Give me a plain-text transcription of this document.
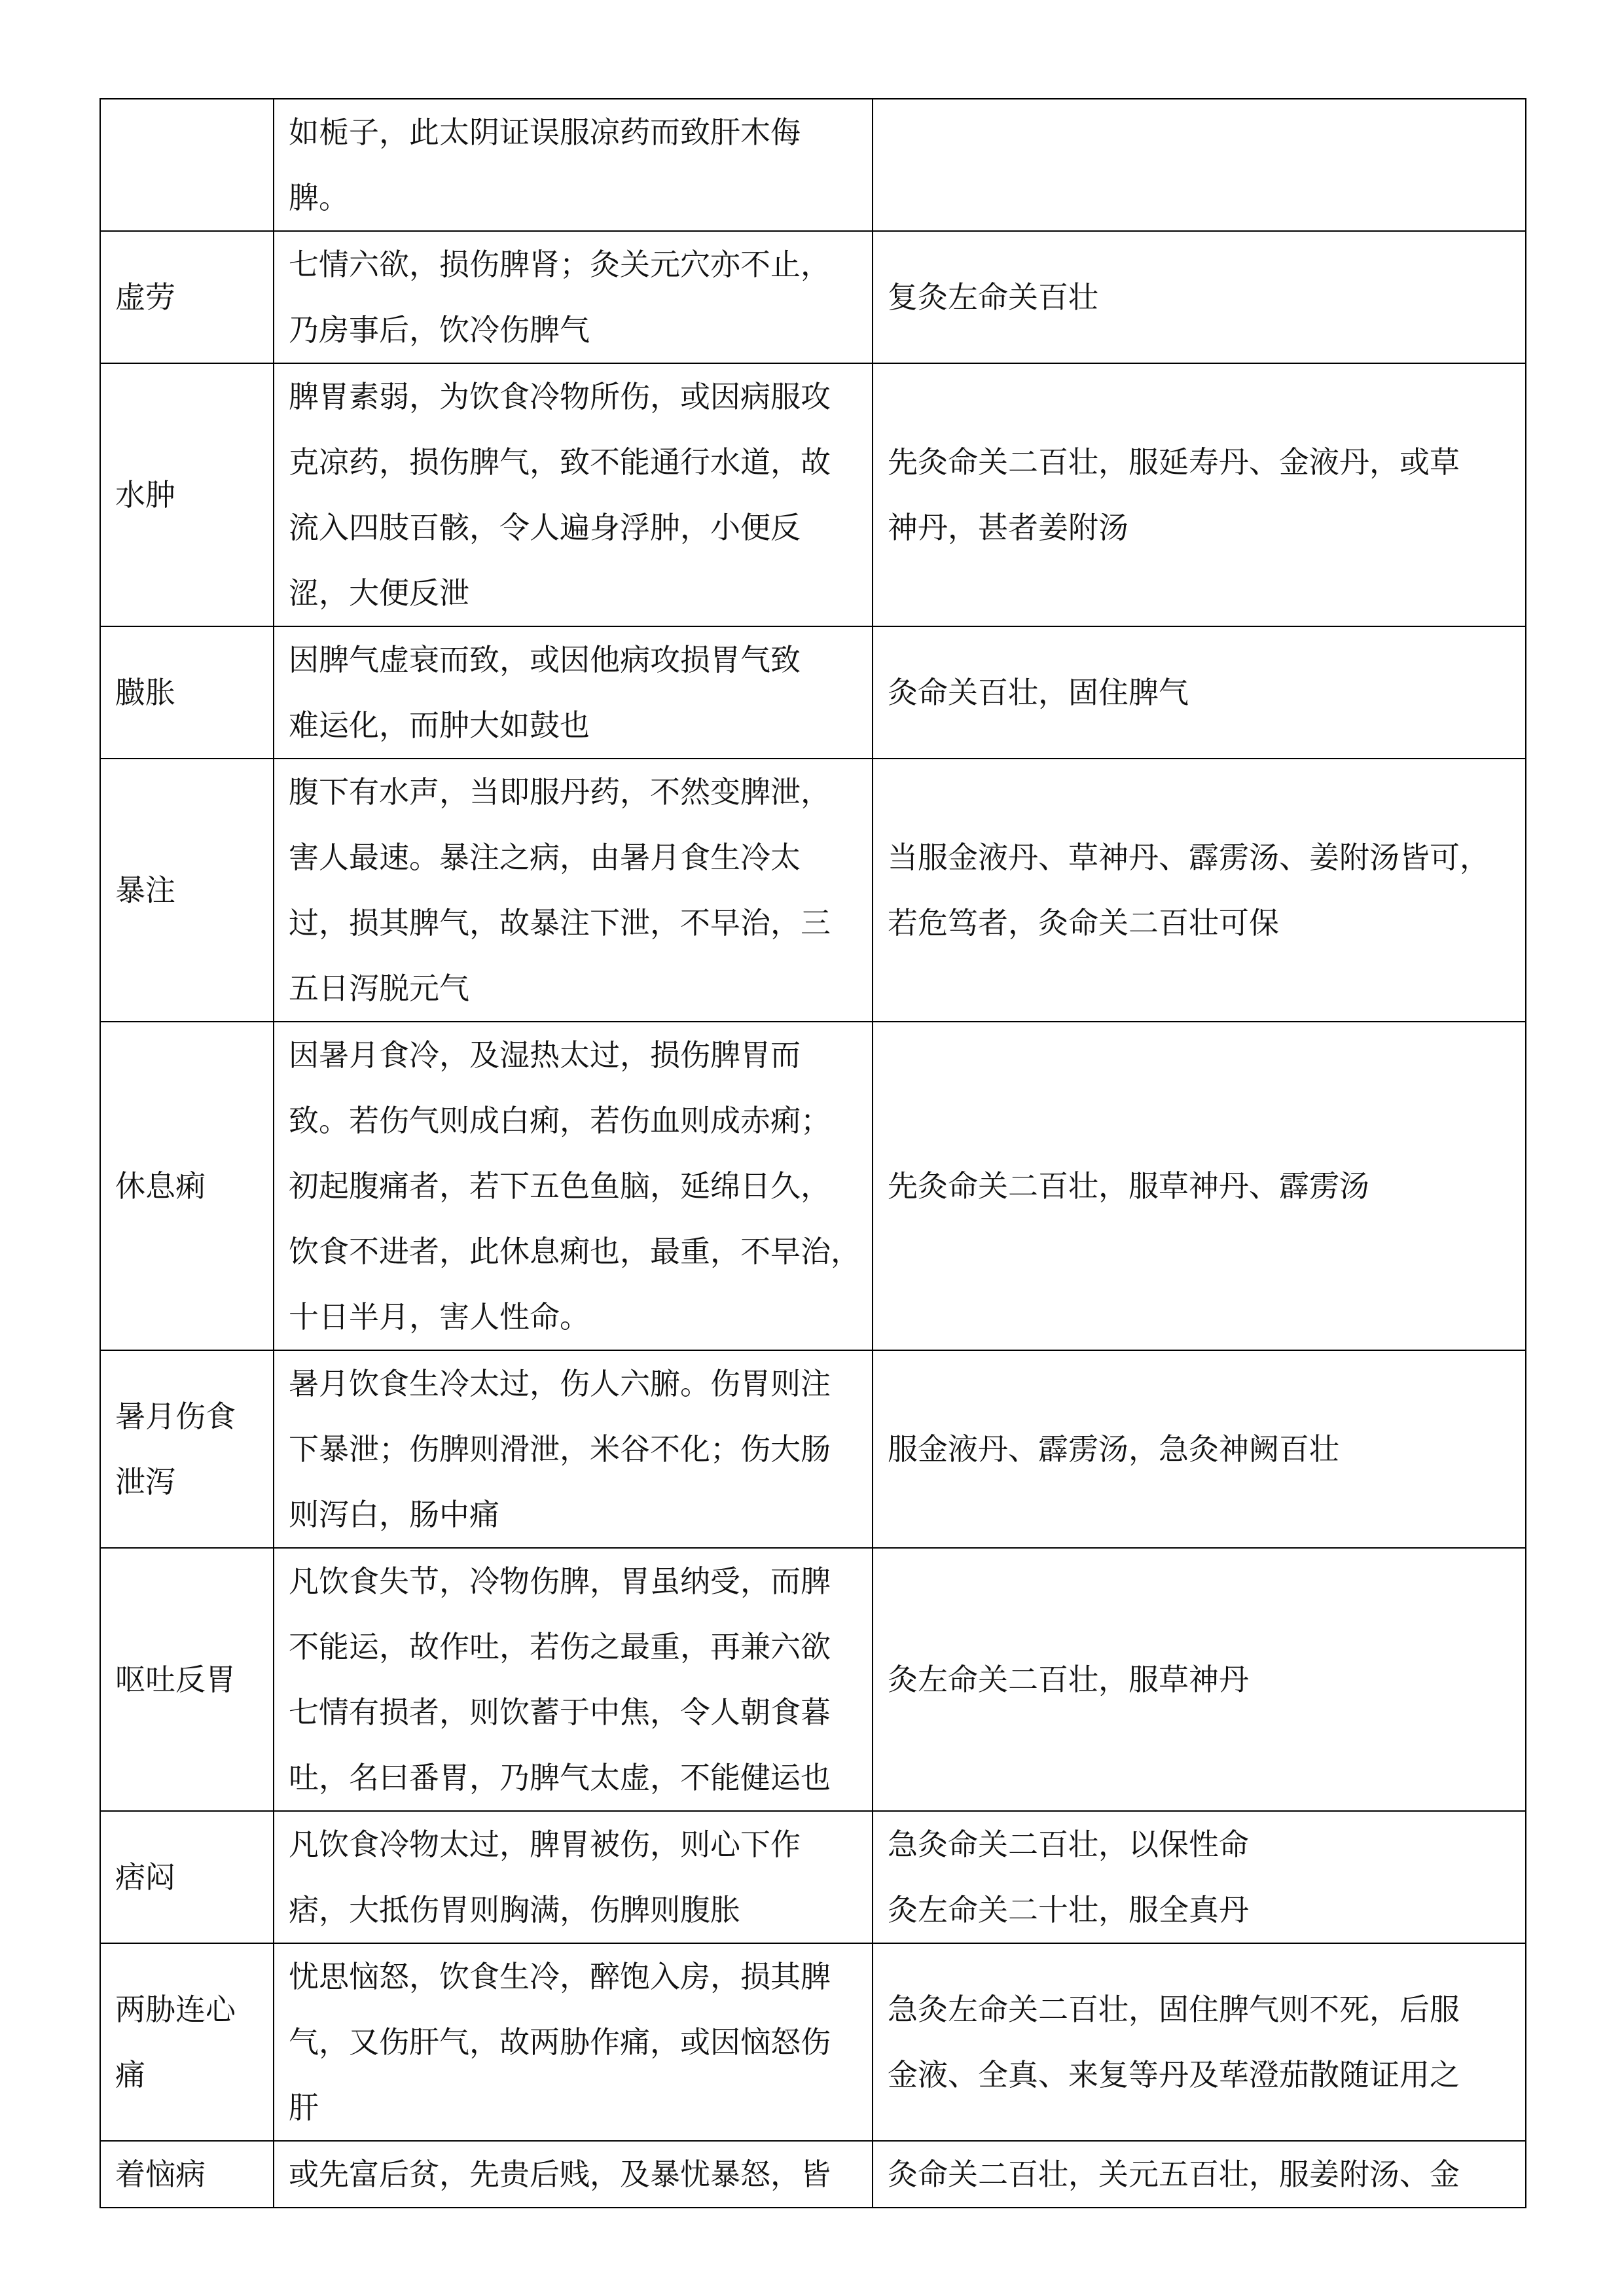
	如栀子，此太阴证误服凉药而致肝木侮
脾。	

虚劳	七情六欲，损伤脾肾；灸关元穴亦不止，
乃房事后，饮冷伤脾气	复灸左命关百壮

水肿	脾胃素弱，为饮食冷物所伤，或因病服攻
克凉药，损伤脾气，致不能通行水道，故
流入四肢百骸，令人遍身浮肿，小便反
涩，大便反泄	先灸命关二百壮，服延寿丹、金液丹，或草
神丹，甚者姜附汤

臌胀	因脾气虚衰而致，或因他病攻损胃气致
难运化，而肿大如鼓也	灸命关百壮，固住脾气

暴注	腹下有水声，当即服丹药，不然变脾泄，
害人最速。暴注之病，由暑月食生冷太
过，损其脾气，故暴注下泄，不早治，三
五日泻脱元气	当服金液丹、草神丹、霹雳汤、姜附汤皆可，
若危笃者，灸命关二百壮可保

休息痢	因暑月食冷，及湿热太过，损伤脾胃而
致。若伤气则成白痢，若伤血则成赤痢；
初起腹痛者，若下五色鱼脑，延绵日久，
饮食不进者，此休息痢也，最重，不早治，
十日半月，害人性命。	先灸命关二百壮，服草神丹、霹雳汤

暑月伤食
泄泻	暑月饮食生冷太过，伤人六腑。伤胃则注
下暴泄；伤脾则滑泄，米谷不化；伤大肠
则泻白，肠中痛	服金液丹、霹雳汤，急灸神阙百壮

呕吐反胃	凡饮食失节，冷物伤脾，胃虽纳受，而脾
不能运，故作吐，若伤之最重，再兼六欲
七情有损者，则饮蓄于中焦，令人朝食暮
吐，名曰番胃，乃脾气太虚，不能健运也	灸左命关二百壮，服草神丹

痞闷	凡饮食冷物太过，脾胃被伤，则心下作
痞，大抵伤胃则胸满，伤脾则腹胀	急灸命关二百壮，以保性命
灸左命关二十壮，服全真丹

两胁连心
痛	忧思恼怒，饮食生冷，醉饱入房，损其脾
气，又伤肝气，故两胁作痛，或因恼怒伤
肝	急灸左命关二百壮，固住脾气则不死，后服
金液、全真、来复等丹及荜澄茄散随证用之

着恼病	或先富后贫，先贵后贱，及暴忧暴怒，皆	灸命关二百壮，关元五百壮，服姜附汤、金
